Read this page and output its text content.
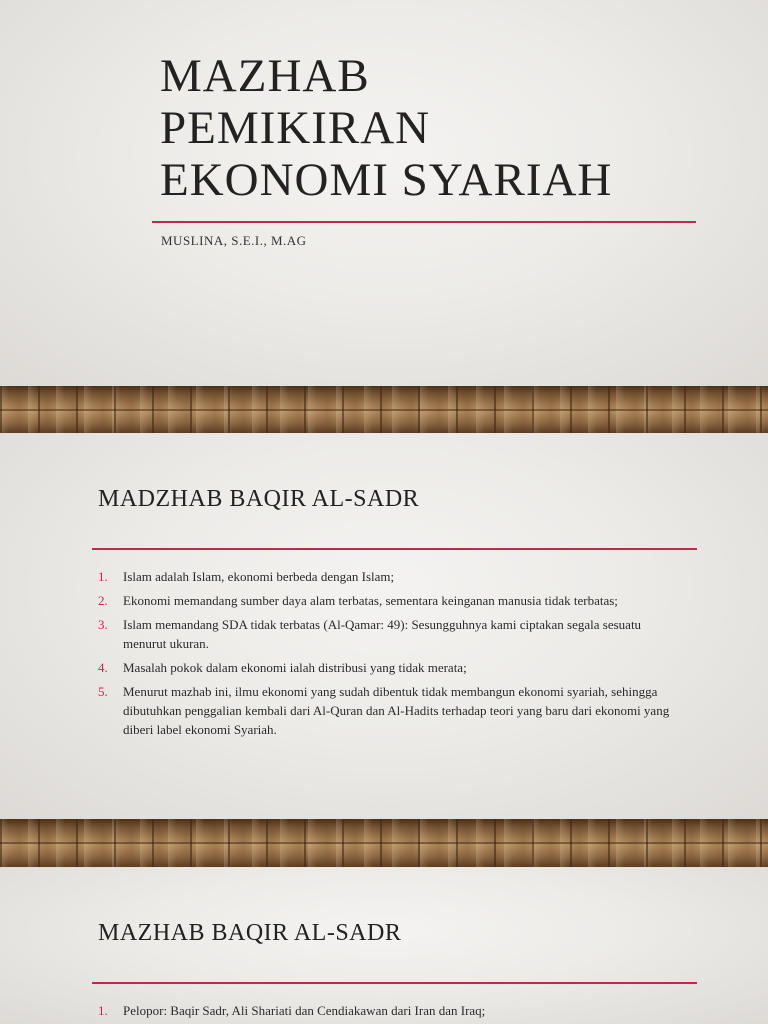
MAZHAB
PEMIKIRAN
EKONOMI SYARIAH

MUSLINA, S.E.I., M.AG

MADZHAB BAQIR AL-SADR
1. Islam adalah Islam, ekonomi berbeda dengan Islam;
2. Ekonomi memandang sumber daya alam terbatas, sementara keinganan manusia tidak terbatas;
3. Islam memandang SDA tidak terbatas (Al-Qamar: 49): Sesungguhnya kami ciptakan segala sesuatu menurut ukuran.
4. Masalah pokok dalam ekonomi ialah distribusi yang tidak merata;
5. Menurut mazhab ini, ilmu ekonomi yang sudah dibentuk tidak membangun ekonomi syariah, sehingga dibutuhkan penggalian kembali dari Al-Quran dan Al-Hadits terhadap teori yang baru dari ekonomi yang diberi label ekonomi Syariah.
MAZHAB BAQIR AL-SADR
1. Pelopor: Baqir Sadr, Ali Shariati dan Cendiakawan dari Iran dan Iraq;
